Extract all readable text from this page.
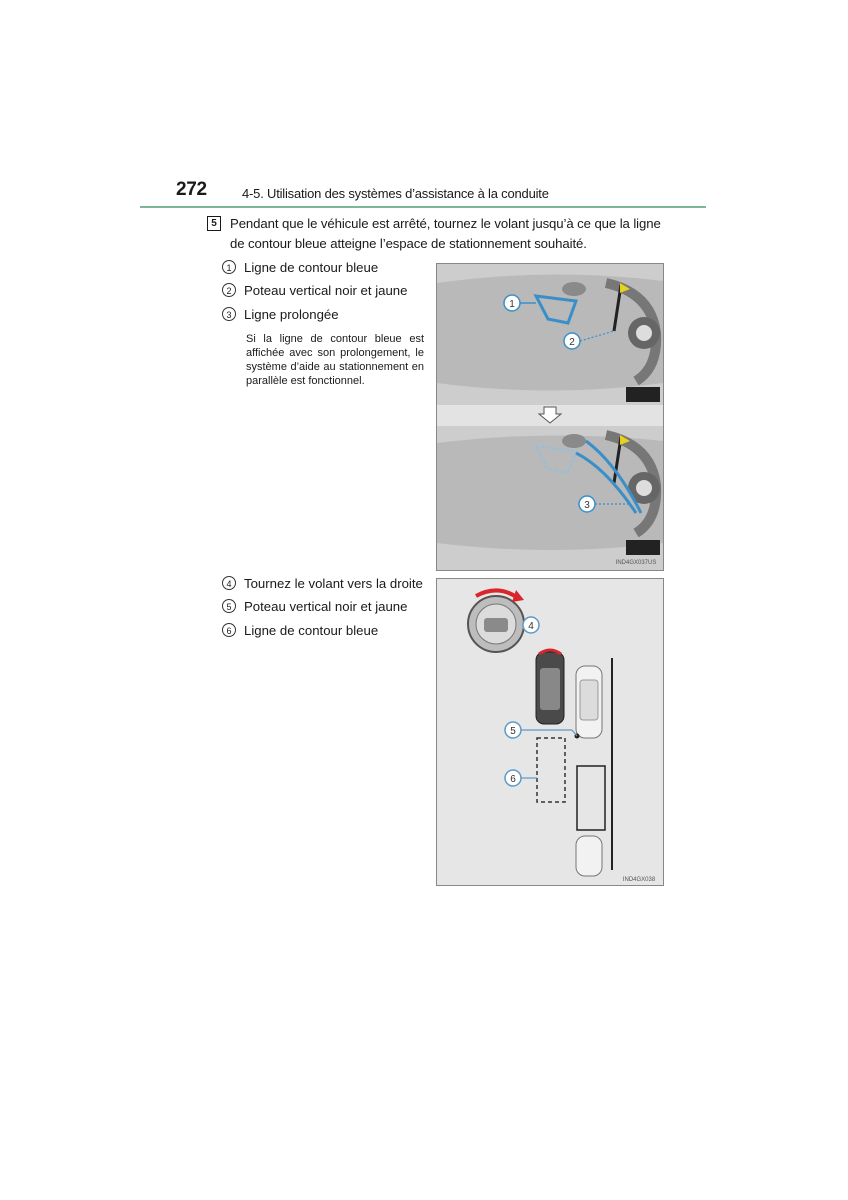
272	4-5. Utilisation des systèmes d’assistance à la conduite
5	Pendant que le véhicule est arrêté, tournez le volant jusqu’à ce que la ligne de contour bleue atteigne l’espace de stationnement souhaité.
1 Ligne de contour bleue
2 Poteau vertical noir et jaune
3 Ligne prolongée
Si la ligne de contour bleue est affichée avec son prolongement, le système d’aide au stationnement en parallèle est fonctionnel.
4 Tournez le volant vers la droite
5 Poteau vertical noir et jaune
6 Ligne de contour bleue
1
2
3
IND4GX037US
4
5
6
IND4GX038
